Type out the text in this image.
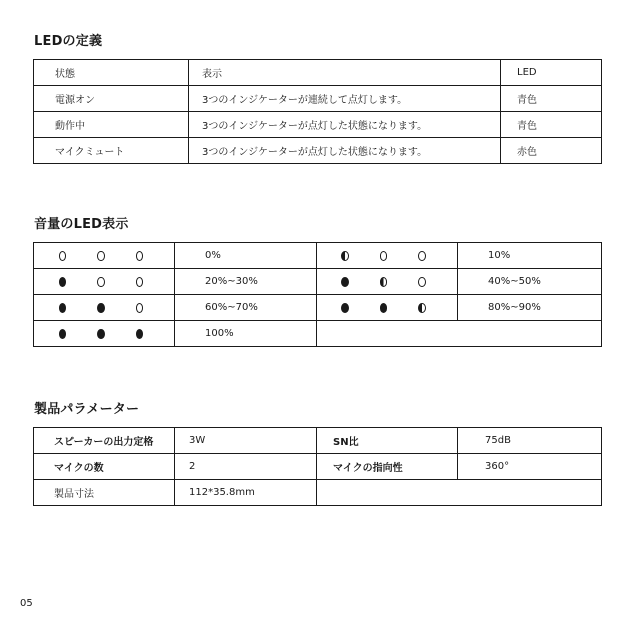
LEDの定義
状態	表示	LED
電源オン	3つのインジケーターが連続して点灯します。	青色
動作中	3つのインジケーターが点灯した状態になります。	青色
マイクミュート	3つのインジケーターが点灯した状態になります。	赤色
音量のLED表示
	0%		10%

	20%~30%		40%~50%

	60%~70%		80%~90%

	100%		
製品パラメーター
スピーカーの出力定格	3W	SN比	75dB
マイクの数	2	マイクの指向性	360°
製品寸法	112*35.8mm		
05
